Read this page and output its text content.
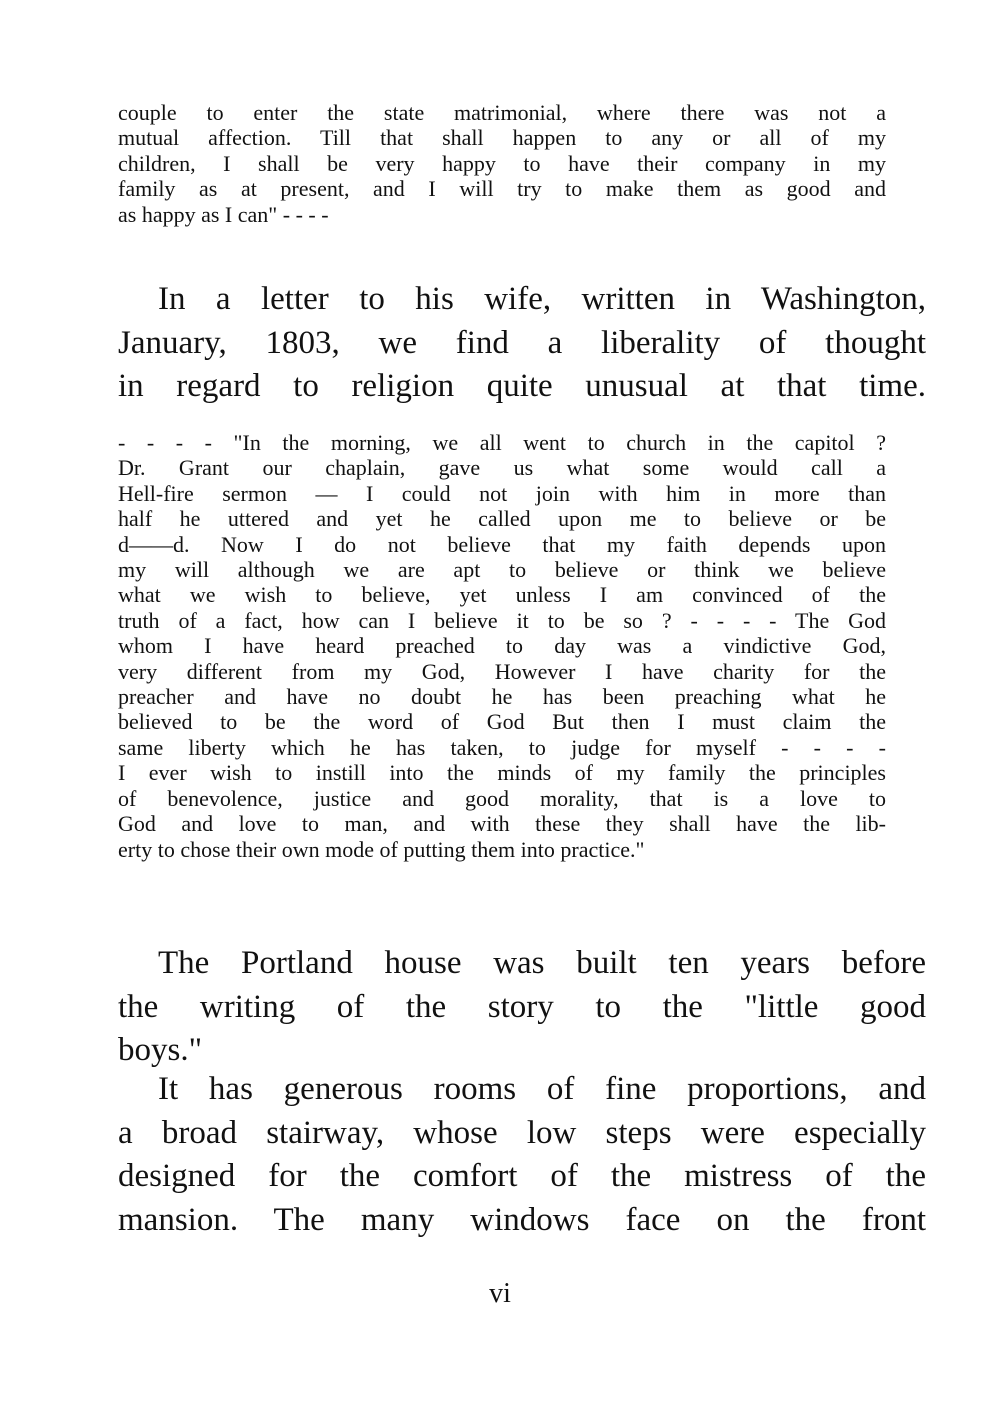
couple to enter the state matrimonial, where there was not a
mutual affection. Till that shall happen to any or all of my
children, I shall be very happy to have their company in my
family as at present, and I will try to make them as good and
as happy as I can" - - - -
In a letter to his wife, written in Washington,
January, 1803, we find a liberality of thought
in regard to religion quite unusual at that time.
- - - - "In the morning, we all went to church in the capitol ?
Dr. Grant our chaplain, gave us what some would call a
Hell-fire sermon — I could not join with him in more than
half he uttered and yet he called upon me to believe or be
d——d. Now I do not believe that my faith depends upon
my will although we are apt to believe or think we believe
what we wish to believe, yet unless I am convinced of the
truth of a fact, how can I believe it to be so ? - - - - The God
whom I have heard preached to day was a vindictive God,
very different from my God, However I have charity for the
preacher and have no doubt he has been preaching what he
believed to be the word of God But then I must claim the
same liberty which he has taken, to judge for myself - - - -
I ever wish to instill into the minds of my family the principles
of benevolence, justice and good morality, that is a love to
God and love to man, and with these they shall have the lib-
erty to chose their own mode of putting them into practice."
The Portland house was built ten years before
the writing of the story to the "little good
boys."
It has generous rooms of fine proportions, and
a broad stairway, whose low steps were especially
designed for the comfort of the mistress of the
mansion. The many windows face on the front
vi
